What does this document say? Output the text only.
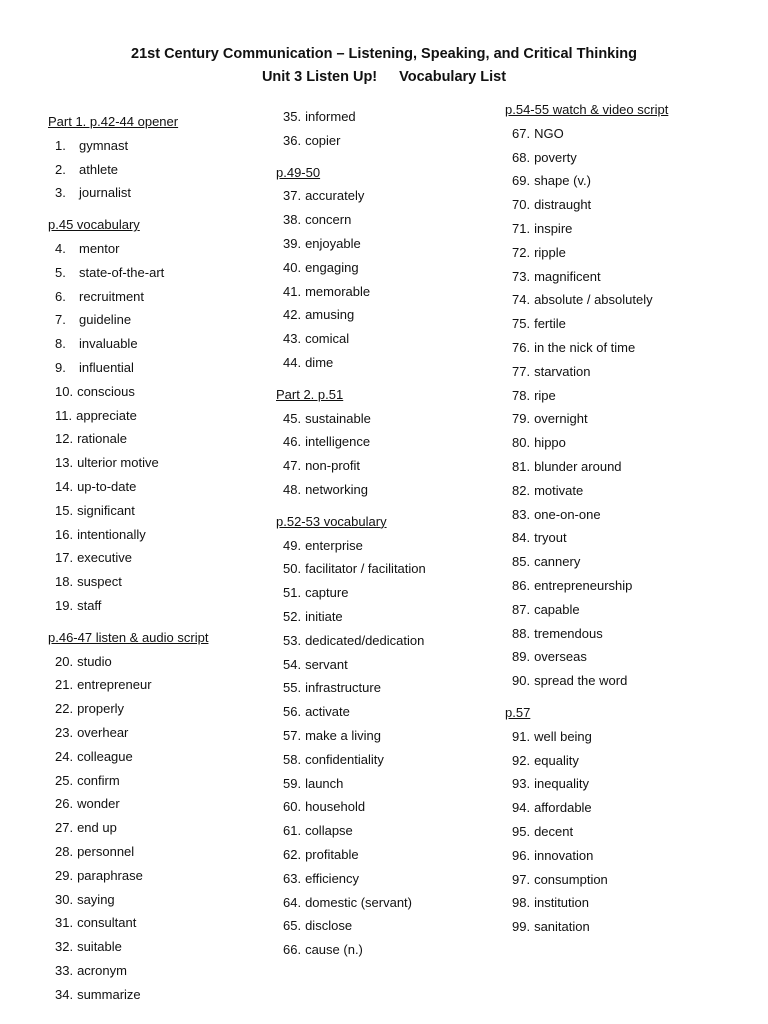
21st Century Communication – Listening, Speaking, and Critical Thinking
Unit 3 Listen Up! Vocabulary List
Part 1. p.42-44 opener
1. gymnast
2. athlete
3. journalist
p.45 vocabulary
4. mentor
5. state-of-the-art
6. recruitment
7. guideline
8. invaluable
9. influential
10. conscious
11. appreciate
12. rationale
13. ulterior motive
14. up-to-date
15. significant
16. intentionally
17. executive
18. suspect
19. staff
p.46-47 listen & audio script
20. studio
21. entrepreneur
22. properly
23. overhear
24. colleague
25. confirm
26. wonder
27. end up
28. personnel
29. paraphrase
30. saying
31. consultant
32. suitable
33. acronym
34. summarize
35. informed
36. copier
p.49-50
37. accurately
38. concern
39. enjoyable
40. engaging
41. memorable
42. amusing
43. comical
44. dime
Part 2. p.51
45. sustainable
46. intelligence
47. non-profit
48. networking
p.52-53 vocabulary
49. enterprise
50. facilitator / facilitation
51. capture
52. initiate
53. dedicated/dedication
54. servant
55. infrastructure
56. activate
57. make a living
58. confidentiality
59. launch
60. household
61. collapse
62. profitable
63. efficiency
64. domestic (servant)
65. disclose
66. cause (n.)
p.54-55 watch & video script
67. NGO
68. poverty
69. shape (v.)
70. distraught
71. inspire
72. ripple
73. magnificent
74. absolute / absolutely
75. fertile
76. in the nick of time
77. starvation
78. ripe
79. overnight
80. hippo
81. blunder around
82. motivate
83. one-on-one
84. tryout
85. cannery
86. entrepreneurship
87. capable
88. tremendous
89. overseas
90. spread the word
p.57
91. well being
92. equality
93. inequality
94. affordable
95. decent
96. innovation
97. consumption
98. institution
99. sanitation
